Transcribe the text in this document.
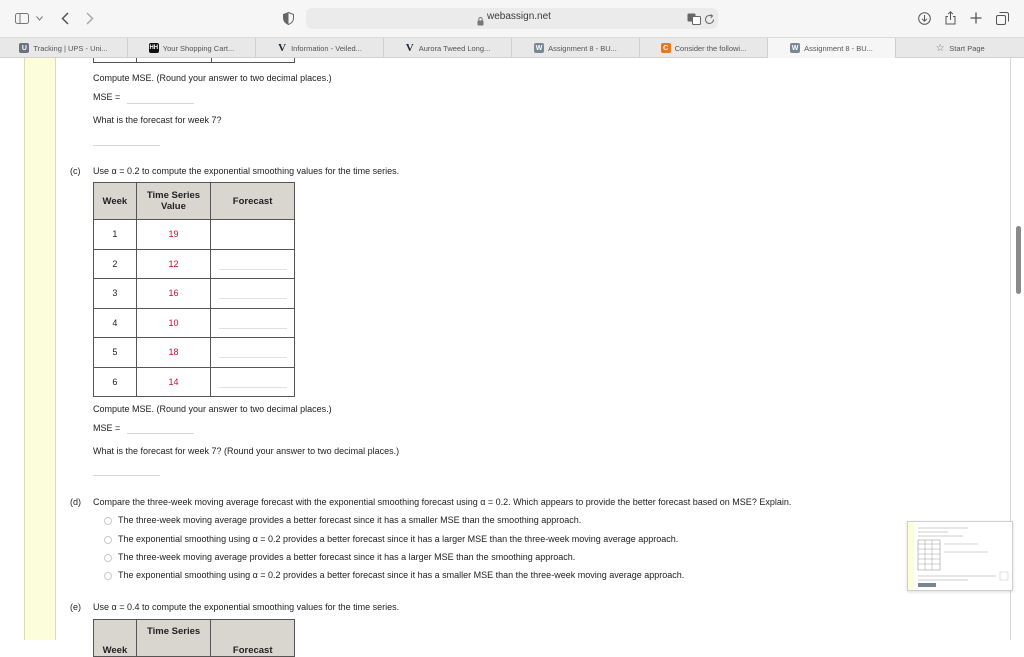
webassign.net
U Tracking | UPS - Uni...	HH Your Shopping Cart...	V Information - Veiled...	V Aurora Tweed Long...	W Assignment 8 - BU...	C Consider the followi...	W Assignment 8 - BU...	☆ Start Page
Compute MSE. (Round your answer to two decimal places.)
MSE =
What is the forecast for week 7?
(c) Use α = 0.2 to compute the exponential smoothing values for the time series.
Week	Time Series Value	Forecast
1	19	
2	12	

3	16	

4	10	

5	18	

6	14	
Compute MSE. (Round your answer to two decimal places.)
MSE =
What is the forecast for week 7? (Round your answer to two decimal places.)
(d) Compare the three-week moving average forecast with the exponential smoothing forecast using α = 0.2. Which appears to provide the better forecast based on MSE? Explain.
The three-week moving average provides a better forecast since it has a smaller MSE than the smoothing approach.
The exponential smoothing using α = 0.2 provides a better forecast since it has a larger MSE than the three-week moving average approach.
The three-week moving average provides a better forecast since it has a larger MSE than the smoothing approach.
The exponential smoothing using α = 0.2 provides a better forecast since it has a smaller MSE than the three-week moving average approach.
(e) Use α = 0.4 to compute the exponential smoothing values for the time series.
Week	Time Series	Forecast
